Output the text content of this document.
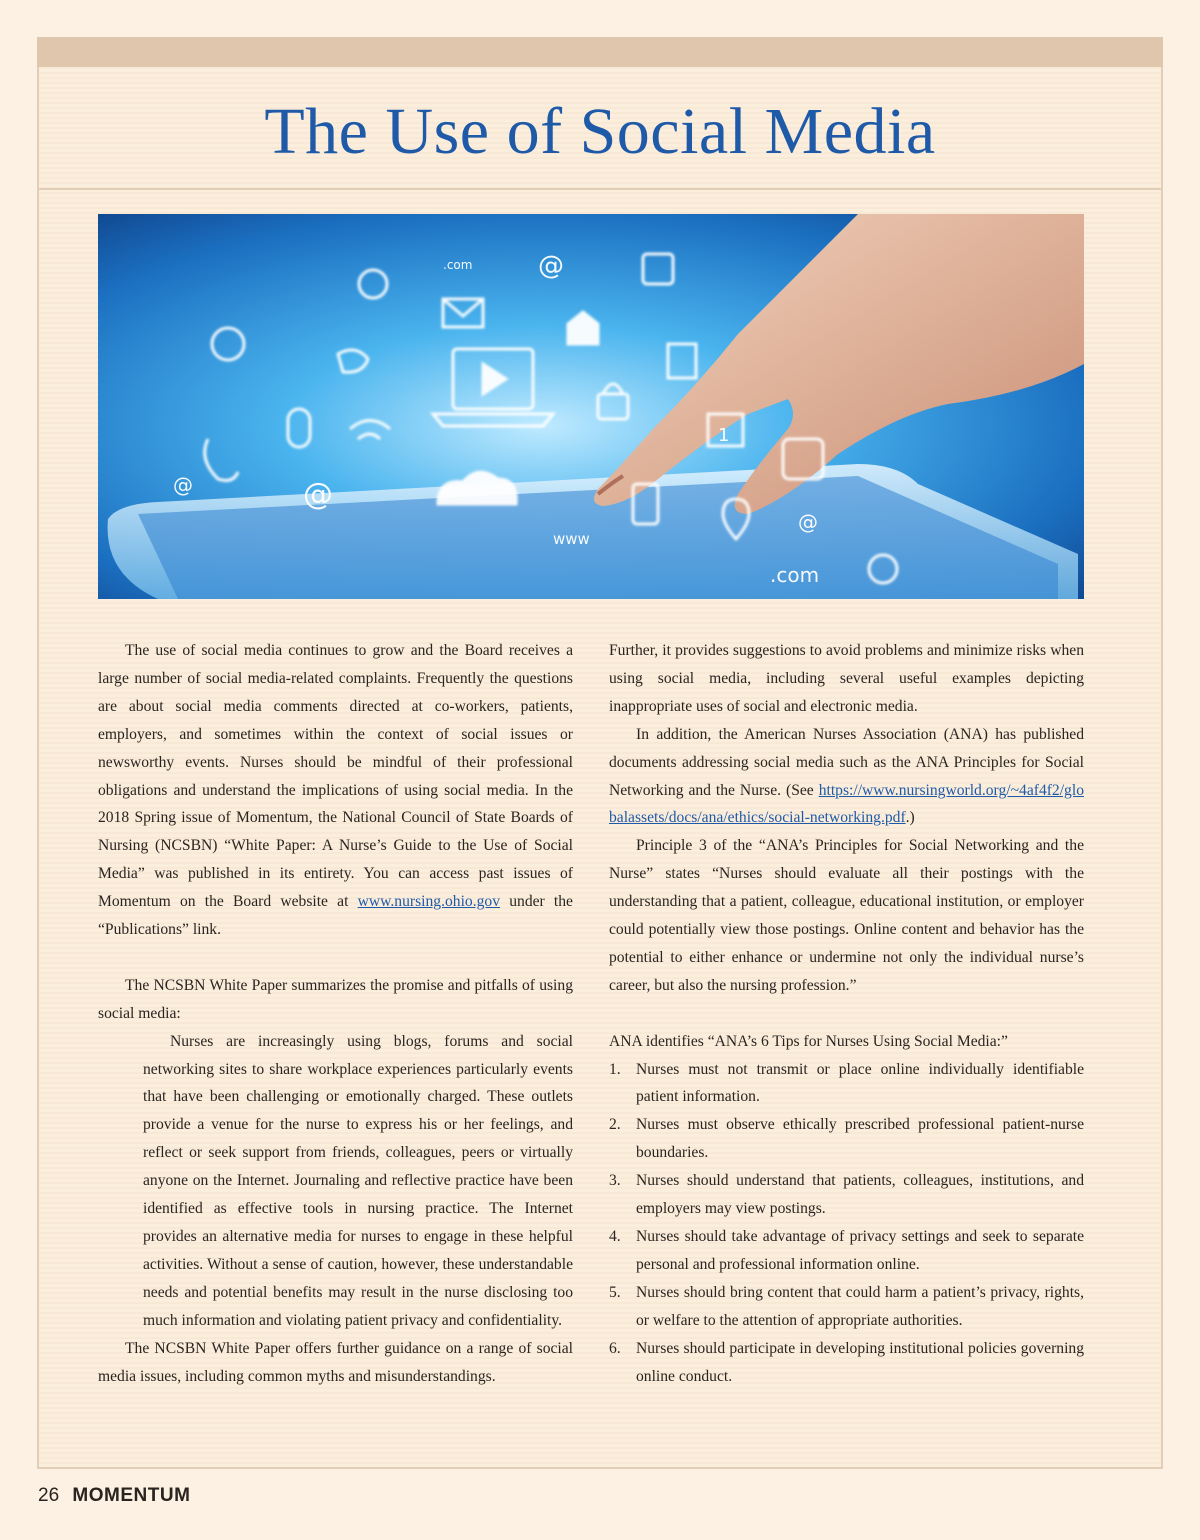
The Use of Social Media
@
@
@
@
.com
.com
www
1

The use of social media continues to grow and the Board receives a large number of social media-related complaints. Frequently the questions are about social media comments directed at co-workers, patients, employers, and sometimes within the context of social issues or newsworthy events. Nurses should be mindful of their professional obligations and understand the implications of using social media. In the 2018 Spring issue of Momentum, the National Council of State Boards of Nursing (NCSBN) “White Paper: A Nurse’s Guide to the Use of Social Media” was published in its entirety. You can access past issues of Momentum on the Board website at www.nursing.ohio.gov under the “Publications” link.

The NCSBN White Paper summarizes the promise and pitfalls of using social media:

Nurses are increasingly using blogs, forums and social networking sites to share workplace experiences particularly events that have been challenging or emotionally charged. These outlets provide a venue for the nurse to express his or her feelings, and reflect or seek support from friends, colleagues, peers or virtually anyone on the Internet. Journaling and reflective practice have been identified as effective tools in nursing practice. The Internet provides an alternative media for nurses to engage in these helpful activities. Without a sense of caution, however, these understandable needs and potential benefits may result in the nurse disclosing too much information and violating patient privacy and confidentiality.

The NCSBN White Paper offers further guidance on a range of social media issues, including common myths and misunderstandings.

Further, it provides suggestions to avoid problems and minimize risks when using social media, including several useful examples depicting inappropriate uses of social and electronic media.

In addition, the American Nurses Association (ANA) has published documents addressing social media such as the ANA Principles for Social Networking and the Nurse. (See https://www.nursingworld.org/~4af4f2/globalassets/docs/ana/ethics/social-networking.pdf.)

Principle 3 of the “ANA’s Principles for Social Networking and the Nurse” states “Nurses should evaluate all their postings with the understanding that a patient, colleague, educational institution, or employer could potentially view those postings. Online content and behavior has the potential to either enhance or undermine not only the individual nurse’s career, but also the nursing profession.”

ANA identifies “ANA’s 6 Tips for Nurses Using Social Media:”

1. Nurses must not transmit or place online individually identifiable patient information.
2. Nurses must observe ethically prescribed professional patient-nurse boundaries.
3. Nurses should understand that patients, colleagues, institutions, and employers may view postings.
4. Nurses should take advantage of privacy settings and seek to separate personal and professional information online.
5. Nurses should bring content that could harm a patient’s privacy, rights, or welfare to the attention of appropriate authorities.
6. Nurses should participate in developing institutional policies governing online conduct.
26 MOMENTUM
